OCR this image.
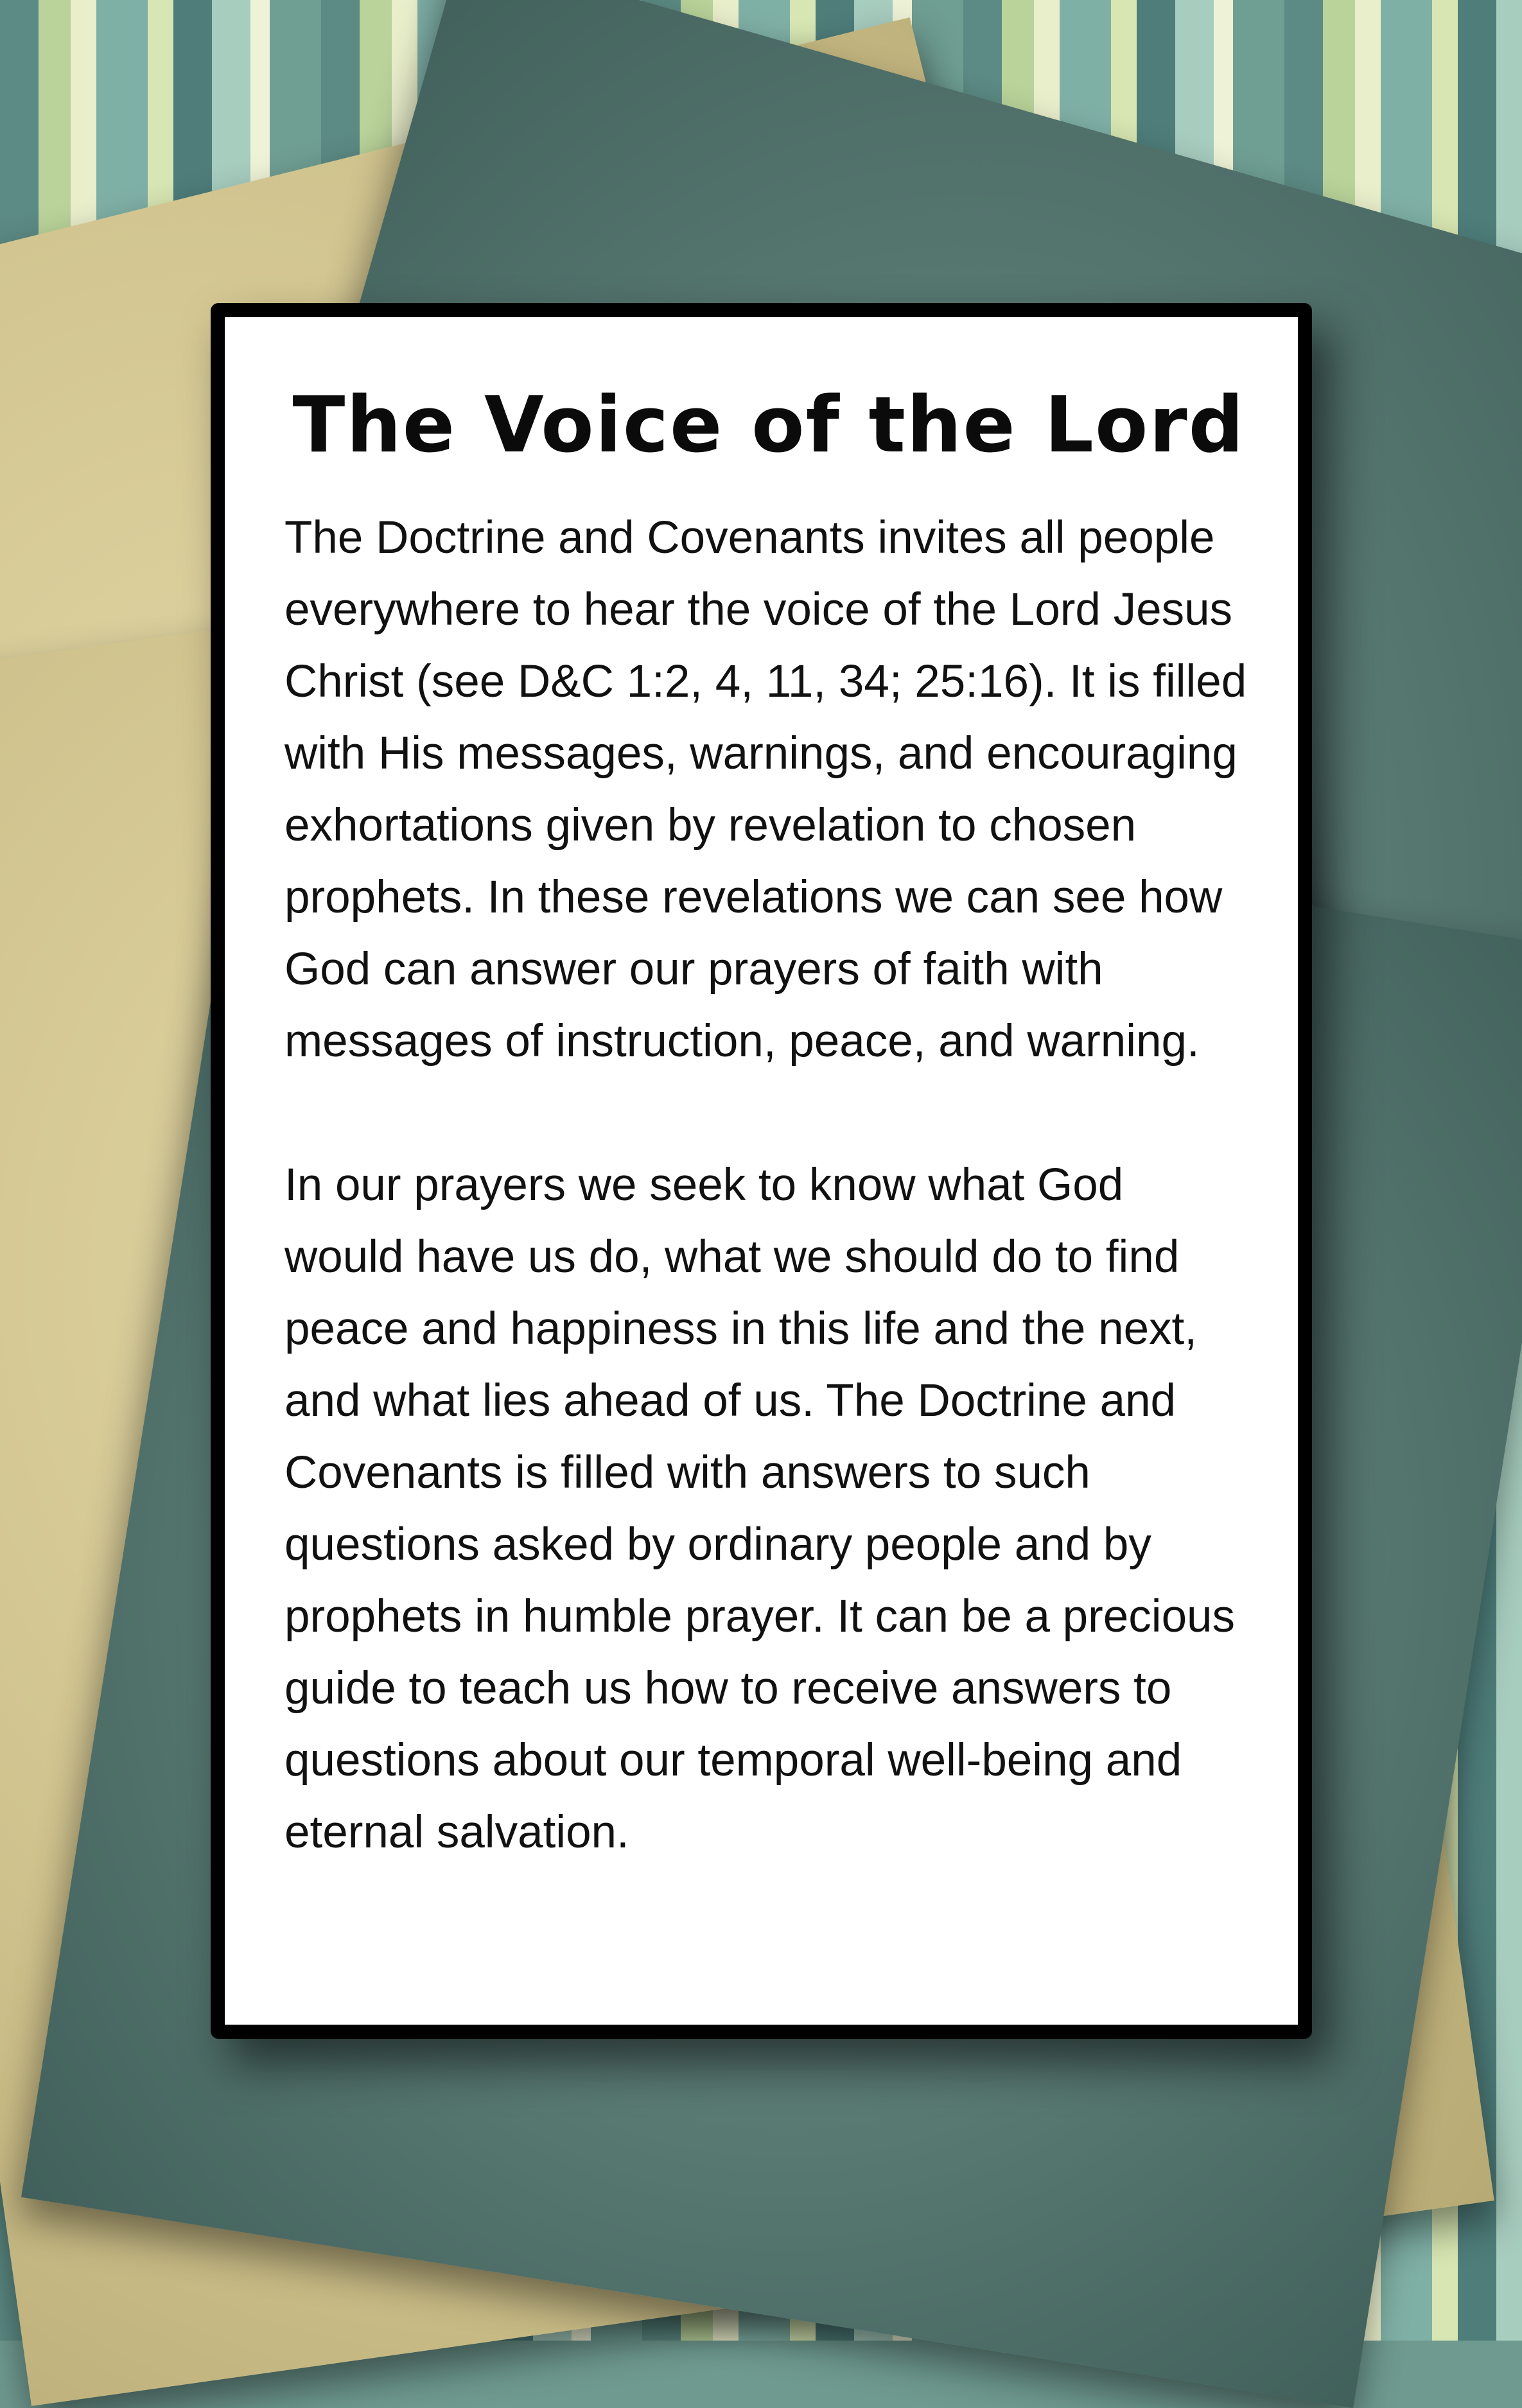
The Voice of the Lord

The Doctrine and Covenants invites all people everywhere to hear the voice of the Lord Jesus Christ (see D&C 1:2, 4, 11, 34; 25:16). It is filled with His messages, warnings, and encouraging exhortations given by revelation to chosen prophets. In these revelations we can see how God can answer our prayers of faith with messages of instruction, peace, and warning.

In our prayers we seek to know what God would have us do, what we should do to find peace and happiness in this life and the next, and what lies ahead of us. The Doctrine and Covenants is filled with answers to such questions asked by ordinary people and by prophets in humble prayer. It can be a precious guide to teach us how to receive answers to questions about our temporal well-being and eternal salvation.
